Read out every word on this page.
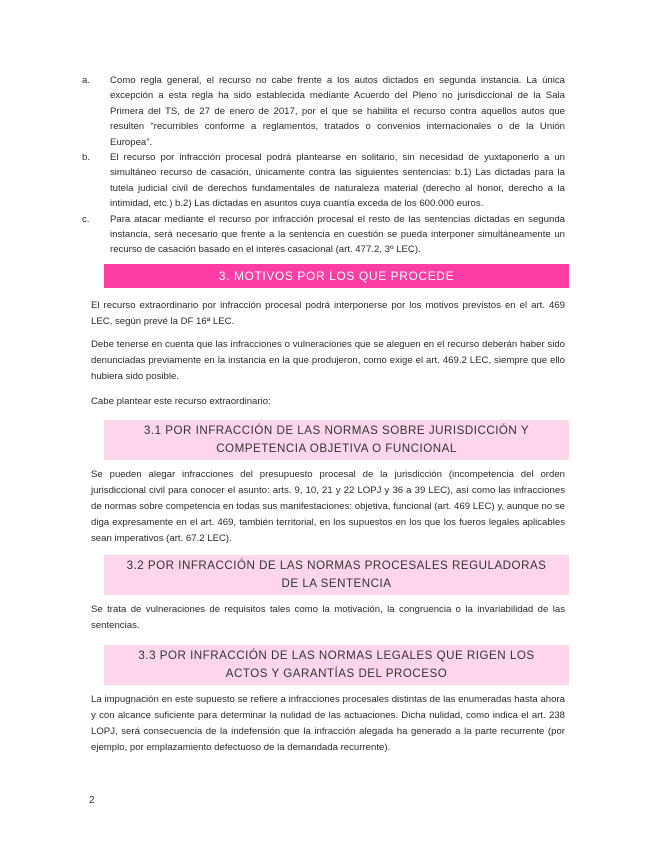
a. Como regla general, el recurso no cabe frente a los autos dictados en segunda instancia. La única excepción a esta regla ha sido establecida mediante Acuerdo del Pleno no jurisdiccional de la Sala Primera del TS, de 27 de enero de 2017, por el que se habilita el recurso contra aquellos autos que resulten “recurribles conforme a reglamentos, tratados o convenios internacionales o de la Unión Europea”.
b. El recurso por infracción procesal podrá plantearse en solitario, sin necesidad de yuxtaponerlo a un simultáneo recurso de casación, únicamente contra las siguientes sentencias: b.1) Las dictadas para la tutela judicial civil de derechos fundamentales de naturaleza material (derecho al honor, derecho a la intimidad, etc.) b.2) Las dictadas en asuntos cuya cuantía exceda de los 600.000 euros.
c. Para atacar mediante el recurso por infracción procesal el resto de las sentencias dictadas en segunda instancia, será necesario que frente a la sentencia en cuestión se pueda interponer simultáneamente un recurso de casación basado en el interés casacional (art. 477.2, 3º LEC).
3. MOTIVOS POR LOS QUE PROCEDE

El recurso extraordinario por infracción procesal podrá interponerse por los motivos previstos en el art. 469 LEC, según prevé la DF 16ª LEC.

Debe tenerse en cuenta que las infracciones o vulneraciones que se aleguen en el recurso deberán haber sido denunciadas previamente en la instancia en la que produjeron, como exige el art. 469.2 LEC, siempre que ello hubiera sido posible.

Cabe plantear este recurso extraordinario:

3.1 POR INFRACCIÓN DE LAS NORMAS SOBRE JURISDICCIÓN Y COMPETENCIA OBJETIVA O FUNCIONAL

Se pueden alegar infracciones del presupuesto procesal de la jurisdicción (incompetencia del orden jurisdiccional civil para conocer el asunto: arts. 9, 10, 21 y 22 LOPJ y 36 a 39 LEC), así como las infracciones de normas sobre competencia en todas sus manifestaciones: objetiva, funcional (art. 469 LEC) y, aunque no se diga expresamente en el art. 469, también territorial, en los supuestos en los que los fueros legales aplicables sean imperativos (art. 67.2 LEC).

3.2 POR INFRACCIÓN DE LAS NORMAS PROCESALES REGULADORAS DE LA SENTENCIA

Se trata de vulneraciones de requisitos tales como la motivación, la congruencia o la invariabilidad de las sentencias.

3.3 POR INFRACCIÓN DE LAS NORMAS LEGALES QUE RIGEN LOS ACTOS Y GARANTÍAS DEL PROCESO

La impugnación en este supuesto se refiere a infracciones procesales distintas de las enumeradas hasta ahora y con alcance suficiente para determinar la nulidad de las actuaciones. Dicha nulidad, como indica el art. 238 LOPJ, será consecuencia de la indefensión que la infracción alegada ha generado a la parte recurrente (por ejemplo, por emplazamiento defectuoso de la demandada recurrente).

2
